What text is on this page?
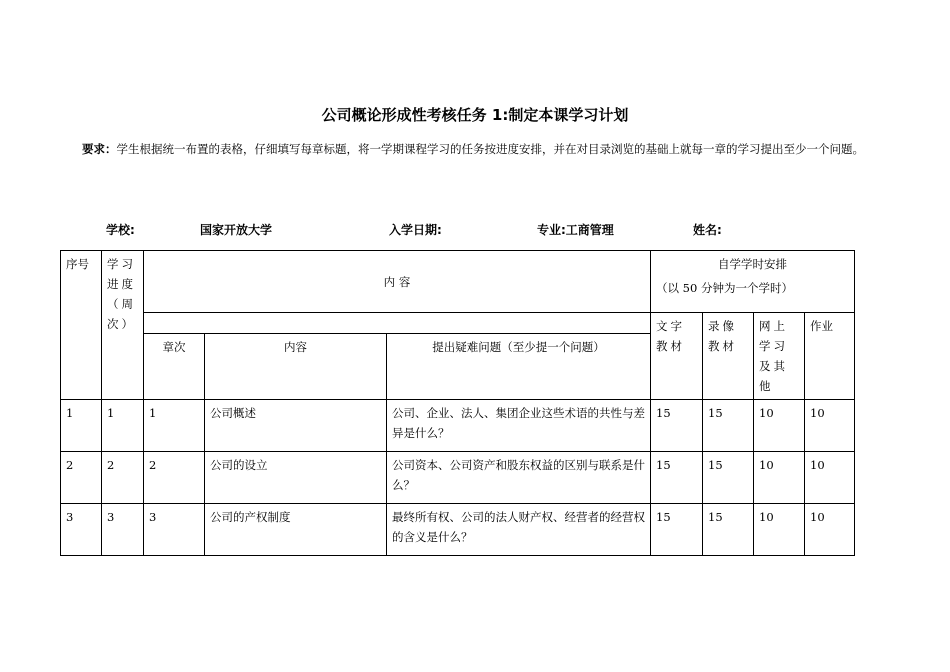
公司概论形成性考核任务 1:制定本课学习计划
要求：学生根据统一布置的表格，仔细填写每章标题，将一学期课程学习的任务按进度安排，并在对目录浏览的基础上就每一章的学习提出至少一个问题。
学校:	国家开放大学	入学日期:	专业:工商管理	姓名:
序号	学习进度（周次）	内 容			自学学时安排
（以 50 分钟为一个学时）			

					文字教材	录像教材	网上学习及其他	作业
		章次	内容	提出疑难问题（至少提一个问题）				
1	1	1	公司概述	公司、企业、法人、集团企业这些术语的共性与差异是什么？	15	15	10	10
2	2	2	公司的设立	公司资本、公司资产和股东权益的区别与联系是什么？	15	15	10	10
3	3	3	公司的产权制度	最终所有权、公司的法人财产权、经营者的经营权的含义是什么？	15	15	10	10
